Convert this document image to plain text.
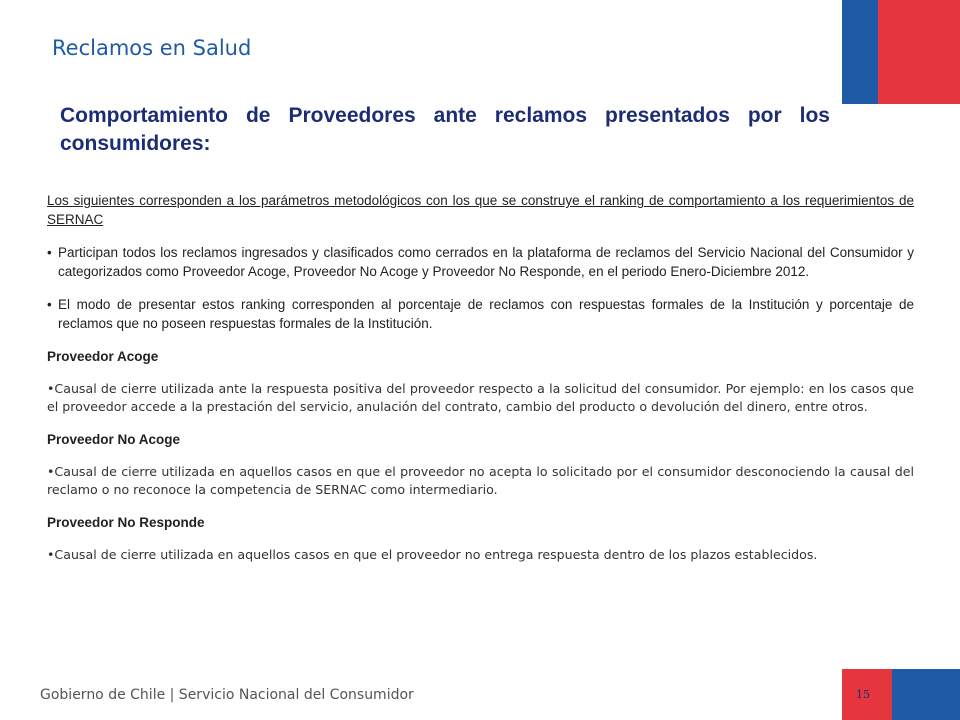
Reclamos en Salud
Comportamiento de Proveedores ante reclamos presentados por los consumidores:

Los siguientes corresponden a los parámetros metodológicos con los que se construye el ranking de comportamiento a los requerimientos de SERNAC

• Participan todos los reclamos ingresados y clasificados como cerrados en la plataforma de reclamos del Servicio Nacional del Consumidor y categorizados como Proveedor Acoge, Proveedor No Acoge y Proveedor No Responde, en el periodo Enero-Diciembre 2012.
• El modo de presentar estos ranking corresponden al porcentaje de reclamos con respuestas formales de la Institución y porcentaje de reclamos que no poseen respuestas formales de la Institución.
Proveedor Acoge

•Causal de cierre utilizada ante la respuesta positiva del proveedor respecto a la solicitud del consumidor. Por ejemplo: en los casos que el proveedor accede a la prestación del servicio, anulación del contrato, cambio del producto o devolución del dinero, entre otros.

Proveedor No Acoge

•Causal de cierre utilizada en aquellos casos en que el proveedor no acepta lo solicitado por el consumidor desconociendo la causal del reclamo o no reconoce la competencia de SERNAC como intermediario.

Proveedor No Responde

•Causal de cierre utilizada en aquellos casos en que el proveedor no entrega respuesta dentro de los plazos establecidos.

Gobierno de Chile | Servicio Nacional del Consumidor	15
